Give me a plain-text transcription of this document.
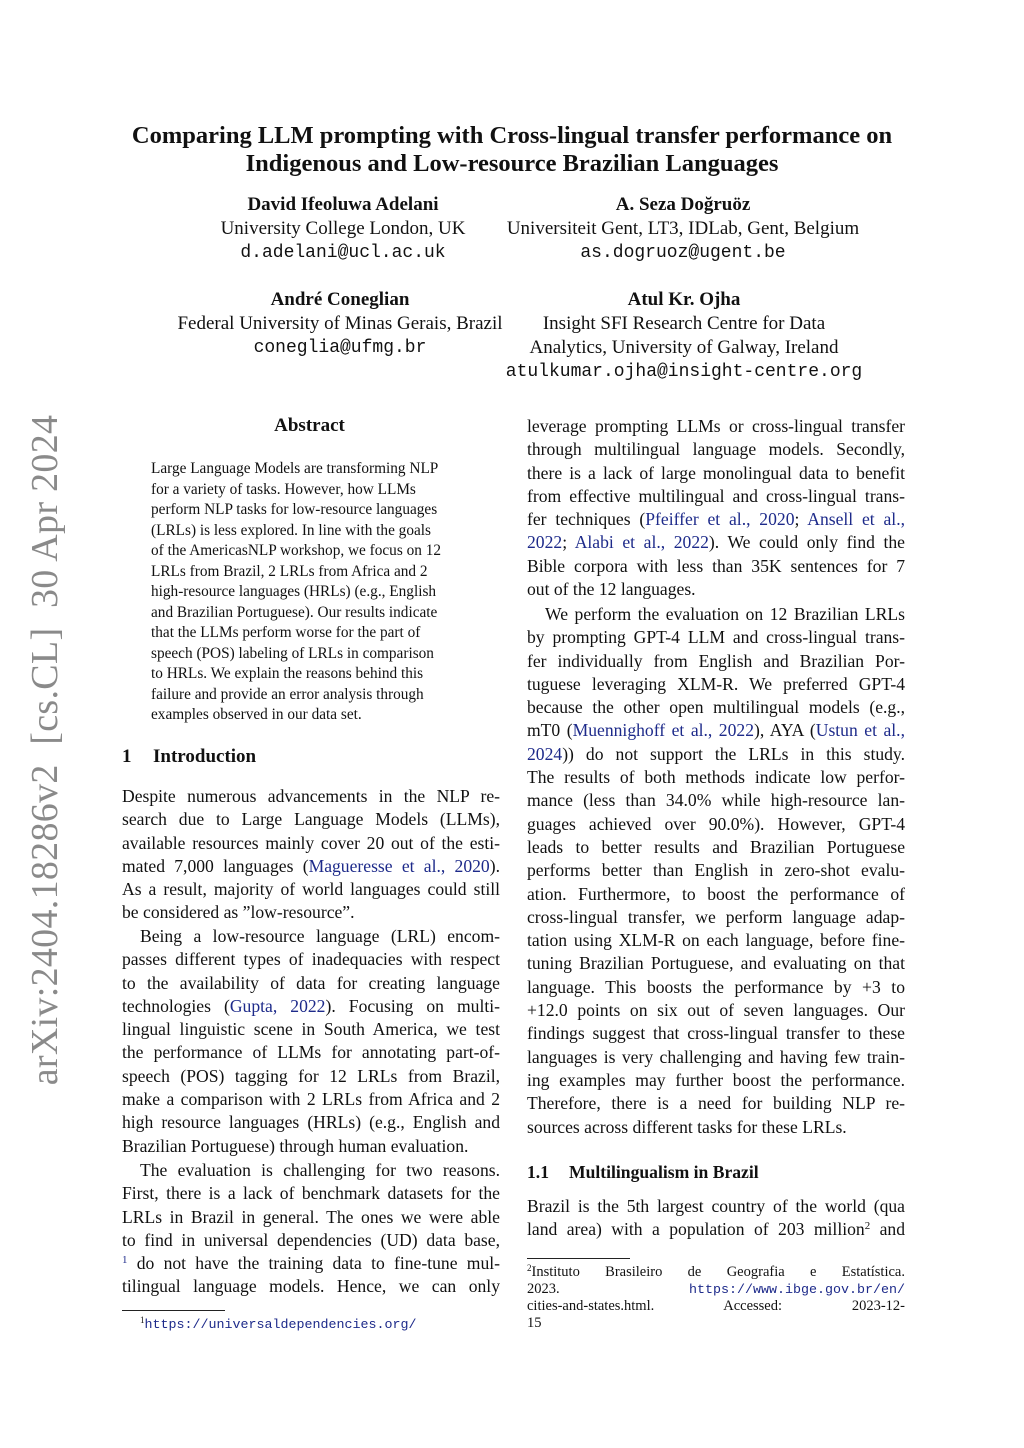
arXiv:2404.18286v2  [cs.CL]  30 Apr 2024
Comparing LLM prompting with Cross-lingual transfer performance on
Indigenous and Low-resource Brazilian Languages
David Ifeoluwa Adelani
University College London, UK
d.adelani@ucl.ac.uk
A. Seza Doğruöz
Universiteit Gent, LT3, IDLab, Gent, Belgium
as.dogruoz@ugent.be
André Coneglian
Federal University of Minas Gerais, Brazil
coneglia@ufmg.br
Atul Kr. Ojha
Insight SFI Research Centre for Data
Analytics, University of Galway, Ireland
atulkumar.ojha@insight-centre.org
Abstract
Large Language Models are transforming NLP
for a variety of tasks. However, how LLMs
perform NLP tasks for low-resource languages
(LRLs) is less explored. In line with the goals
of the AmericasNLP workshop, we focus on 12
LRLs from Brazil, 2 LRLs from Africa and 2
high-resource languages (HRLs) (e.g., English
and Brazilian Portuguese). Our results indicate
that the LLMs perform worse for the part of
speech (POS) labeling of LRLs in comparison
to HRLs. We explain the reasons behind this
failure and provide an error analysis through
examples observed in our data set.
1 Introduction
Despite numerous advancements in the NLP re-
search due to Large Language Models (LLMs),
available resources mainly cover 20 out of the esti-
mated 7,000 languages (Magueresse et al., 2020).
As a result, majority of world languages could still
be considered as ”low-resource”.
Being a low-resource language (LRL) encom-
passes different types of inadequacies with respect
to the availability of data for creating language
technologies (Gupta, 2022). Focusing on multi-
lingual linguistic scene in South America, we test
the performance of LLMs for annotating part-of-
speech (POS) tagging for 12 LRLs from Brazil,
make a comparison with 2 LRLs from Africa and 2
high resource languages (HRLs) (e.g., English and
Brazilian Portuguese) through human evaluation.
The evaluation is challenging for two reasons.
First, there is a lack of benchmark datasets for the
LRLs in Brazil in general. The ones we were able
to find in universal dependencies (UD) data base,
$^1$ do not have the training data to fine-tune mul-
tilingual language models. Hence, we can only
$^1$https://universaldependencies.org/
leverage prompting LLMs or cross-lingual transfer
through multilingual language models. Secondly,
there is a lack of large monolingual data to benefit
from effective multilingual and cross-lingual trans-
fer techniques (Pfeiffer et al., 2020; Ansell et al.,
2022; Alabi et al., 2022). We could only find the
Bible corpora with less than 35K sentences for 7
out of the 12 languages.
We perform the evaluation on 12 Brazilian LRLs
by prompting GPT-4 LLM and cross-lingual trans-
fer individually from English and Brazilian Por-
tuguese leveraging XLM-R. We preferred GPT-4
because the other open multilingual models (e.g.,
mT0 (Muennighoff et al., 2022), AYA (Ustun et al.,
2024)) do not support the LRLs in this study.
The results of both methods indicate low perfor-
mance (less than 34.0% while high-resource lan-
guages achieved over 90.0%). However, GPT-4
leads to better results and Brazilian Portuguese
performs better than English in zero-shot evalu-
ation. Furthermore, to boost the performance of
cross-lingual transfer, we perform language adap-
tation using XLM-R on each language, before fine-
tuning Brazilian Portuguese, and evaluating on that
language. This boosts the performance by +3 to
+12.0 points on six out of seven languages. Our
findings suggest that cross-lingual transfer to these
languages is very challenging and having few train-
ing examples may further boost the performance.
Therefore, there is a need for building NLP re-
sources across different tasks for these LRLs.
1.1 Multilingualism in Brazil
Brazil is the 5th largest country of the world (qua
land area) with a population of 203 million$^2$ and
$^2$Instituto Brasileiro de Geografia e Estatística.
2023. https://www.ibge.gov.br/en/
cities-and-states.html. Accessed: 2023-12-
15
